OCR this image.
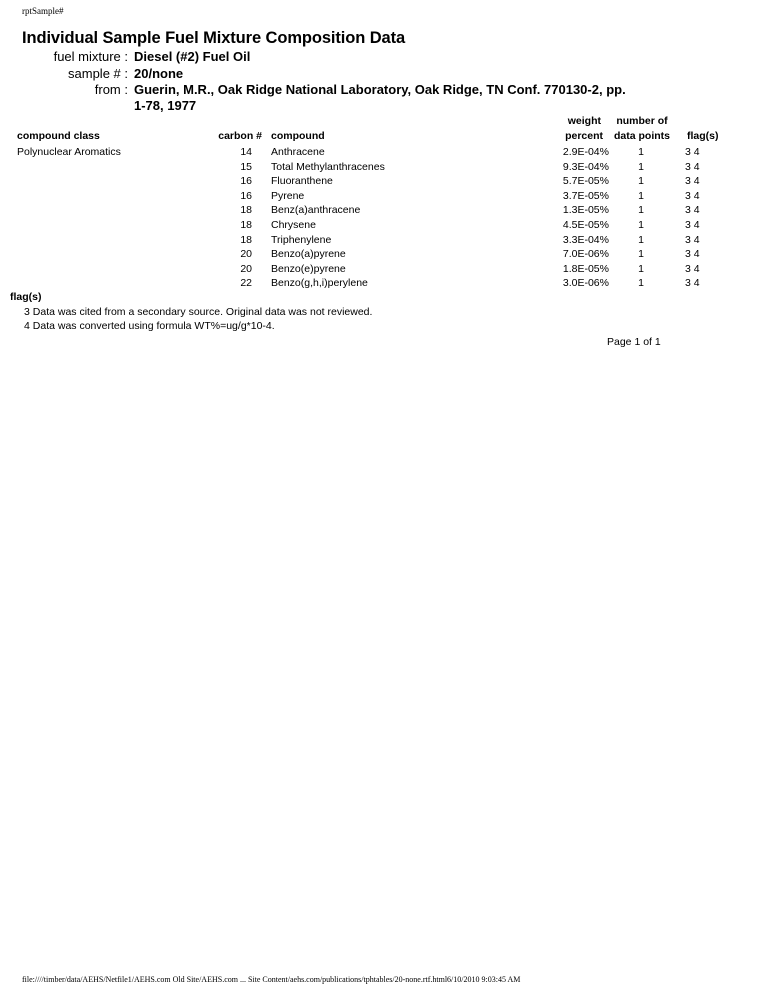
rptSample#
Individual Sample Fuel Mixture Composition Data
fuel mixture : Diesel (#2) Fuel Oil
sample # : 20/none
from : Guerin, M.R., Oak Ridge National Laboratory, Oak Ridge, TN Conf. 770130-2, pp.
1-78, 1977
compound class	carbon # compound
weight
percent
number of
data points	flag(s)
Polynuclear Aromatics	14 Anthracene	2.9E-04%	1	3 4
15 Total Methylanthracenes	9.3E-04%	1	3 4
16 Fluoranthene	5.7E-05%	1	3 4
16 Pyrene	3.7E-05%	1	3 4
18 Benz(a)anthracene	1.3E-05%	1	3 4
18 Chrysene	4.5E-05%	1	3 4
18 Triphenylene	3.3E-04%	1	3 4
20 Benzo(a)pyrene	7.0E-06%	1	3 4
20 Benzo(e)pyrene	1.8E-05%	1	3 4
22 Benzo(g,h,i)perylene	3.0E-06%	1	3 4
flag(s)
3 Data was cited from a secondary source. Original data was not reviewed.
4 Data was converted using formula WT%=ug/g*10-4.
Page 1 of 1
file:////timber/data/AEHS/Netfile1/AEHS.com Old Site/AEHS.com ... Site Content/aehs.com/publications/tphtables/20-none.rtf.html6/10/2010 9:03:45 AM
